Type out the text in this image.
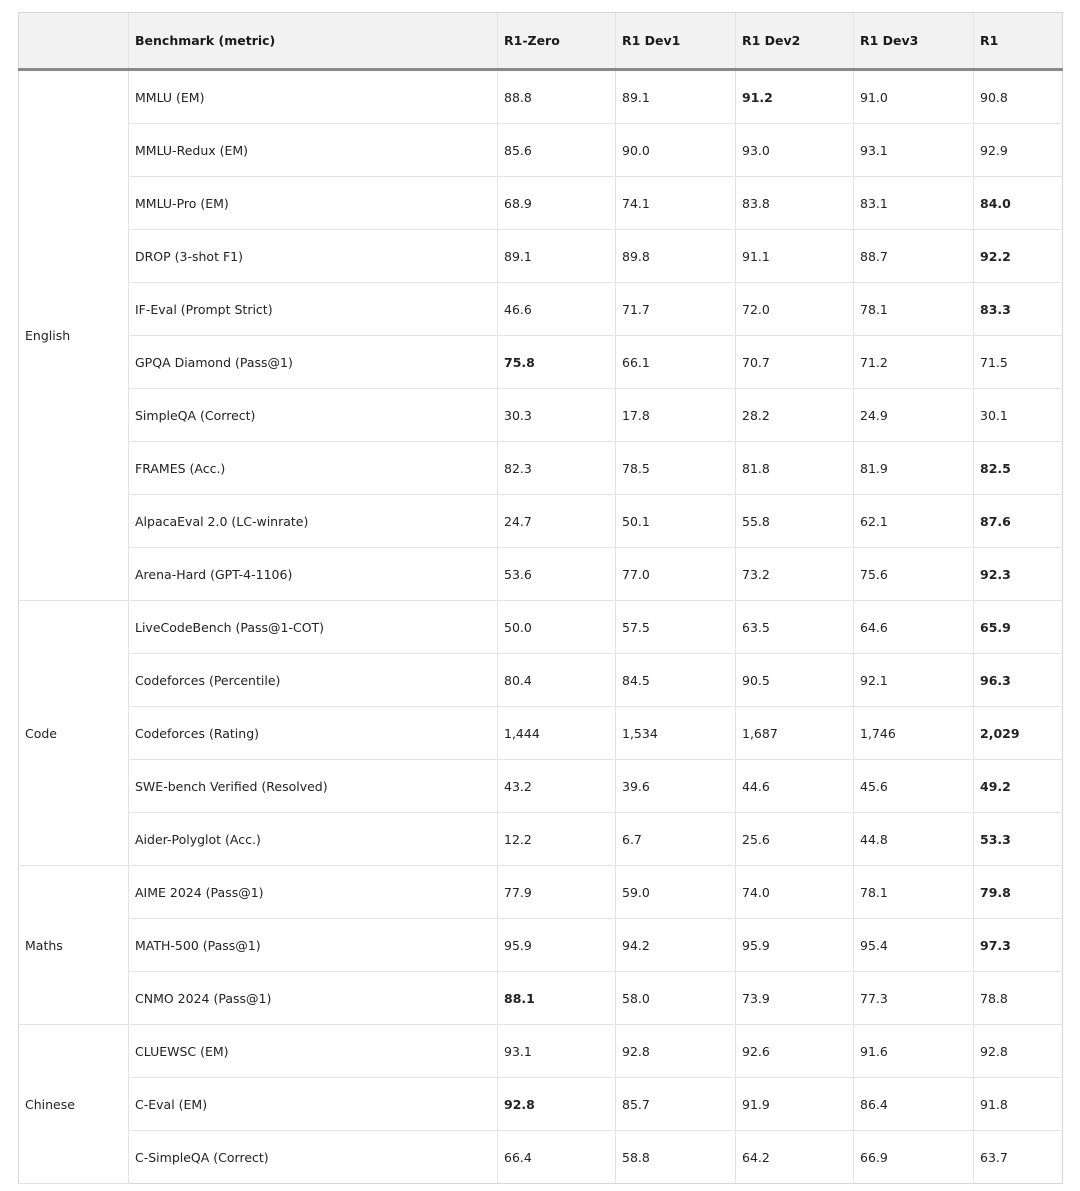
	Benchmark (metric)	R1-Zero	R1 Dev1	R1 Dev2	R1 Dev3	R1
English	MMLU (EM)	88.8	89.1	91.2	91.0	90.8
	MMLU-Redux (EM)	85.6	90.0	93.0	93.1	92.9
	MMLU-Pro (EM)	68.9	74.1	83.8	83.1	84.0
	DROP (3-shot F1)	89.1	89.8	91.1	88.7	92.2
	IF-Eval (Prompt Strict)	46.6	71.7	72.0	78.1	83.3
	GPQA Diamond (Pass@1)	75.8	66.1	70.7	71.2	71.5
	SimpleQA (Correct)	30.3	17.8	28.2	24.9	30.1
	FRAMES (Acc.)	82.3	78.5	81.8	81.9	82.5
	AlpacaEval 2.0 (LC-winrate)	24.7	50.1	55.8	62.1	87.6
	Arena-Hard (GPT-4-1106)	53.6	77.0	73.2	75.6	92.3
Code	LiveCodeBench (Pass@1-COT)	50.0	57.5	63.5	64.6	65.9
	Codeforces (Percentile)	80.4	84.5	90.5	92.1	96.3
	Codeforces (Rating)	1,444	1,534	1,687	1,746	2,029
	SWE-bench Verified (Resolved)	43.2	39.6	44.6	45.6	49.2
	Aider-Polyglot (Acc.)	12.2	6.7	25.6	44.8	53.3
Maths	AIME 2024 (Pass@1)	77.9	59.0	74.0	78.1	79.8
	MATH-500 (Pass@1)	95.9	94.2	95.9	95.4	97.3
	CNMO 2024 (Pass@1)	88.1	58.0	73.9	77.3	78.8
Chinese	CLUEWSC (EM)	93.1	92.8	92.6	91.6	92.8
	C-Eval (EM)	92.8	85.7	91.9	86.4	91.8
	C-SimpleQA (Correct)	66.4	58.8	64.2	66.9	63.7
